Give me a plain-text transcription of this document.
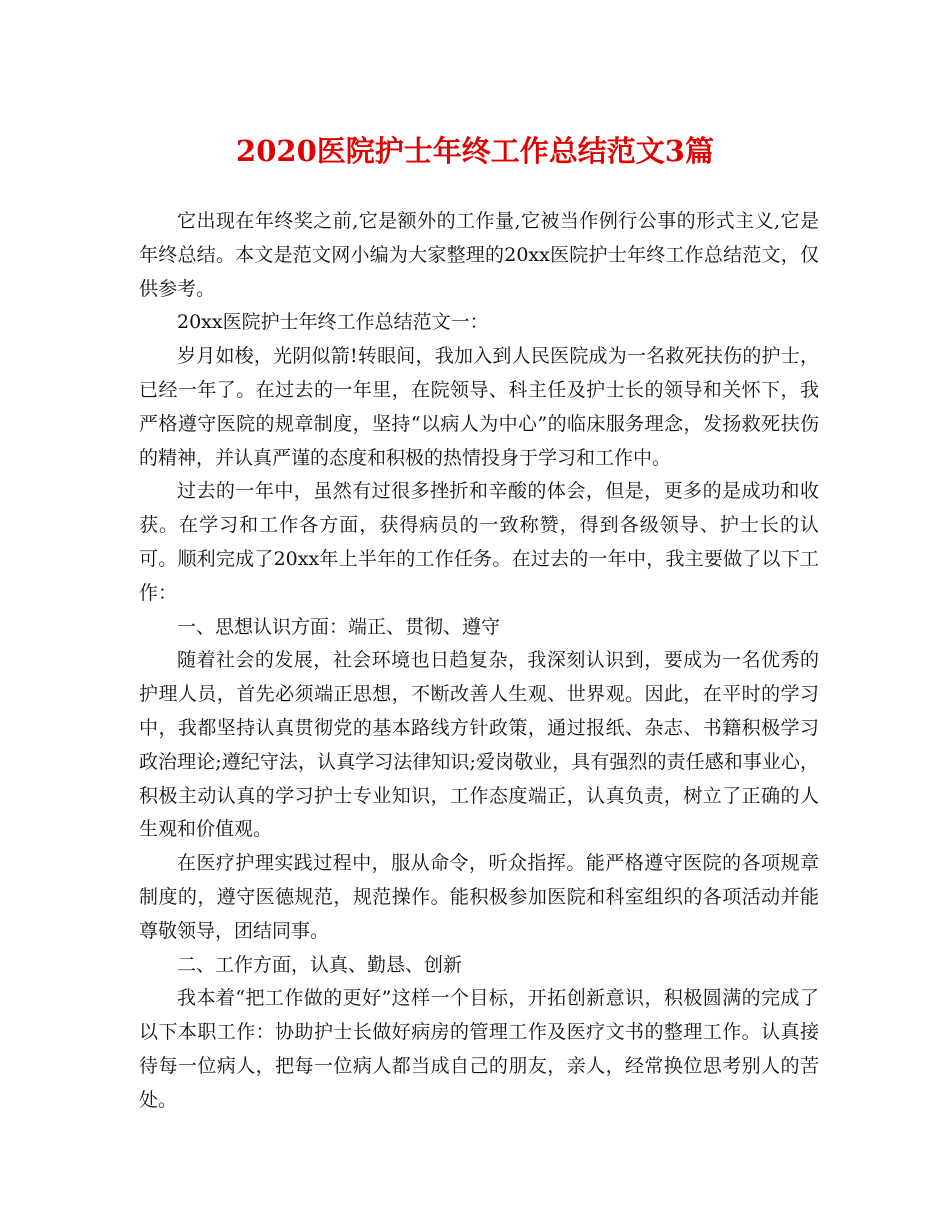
2020医院护士年终工作总结范文3篇

它出现在年终奖之前,它是额外的工作量,它被当作例行公事的形式主义,它是年终总结。本文是范文网小编为大家整理的20xx医院护士年终工作总结范文，仅供参考。

20xx医院护士年终工作总结范文一：

岁月如梭，光阴似箭!转眼间，我加入到人民医院成为一名救死扶伤的护士，已经一年了。在过去的一年里，在院领导、科主任及护士长的领导和关怀下，我严格遵守医院的规章制度，坚持“以病人为中心”的临床服务理念，发扬救死扶伤的精神，并认真严谨的态度和积极的热情投身于学习和工作中。

过去的一年中，虽然有过很多挫折和辛酸的体会，但是，更多的是成功和收获。在学习和工作各方面，获得病员的一致称赞，得到各级领导、护士长的认可。顺利完成了20xx年上半年的工作任务。在过去的一年中，我主要做了以下工作：

一、思想认识方面：端正、贯彻、遵守

随着社会的发展，社会环境也日趋复杂，我深刻认识到，要成为一名优秀的护理人员，首先必须端正思想，不断改善人生观、世界观。因此，在平时的学习中，我都坚持认真贯彻党的基本路线方针政策，通过报纸、杂志、书籍积极学习政治理论;遵纪守法，认真学习法律知识;爱岗敬业，具有强烈的责任感和事业心，积极主动认真的学习护士专业知识，工作态度端正，认真负责，树立了正确的人生观和价值观。

在医疗护理实践过程中，服从命令，听众指挥。能严格遵守医院的各项规章制度的，遵守医德规范，规范操作。能积极参加医院和科室组织的各项活动并能尊敬领导，团结同事。

二、工作方面，认真、勤恳、创新

我本着“把工作做的更好”这样一个目标，开拓创新意识，积极圆满的完成了以下本职工作：协助护士长做好病房的管理工作及医疗文书的整理工作。认真接待每一位病人，把每一位病人都当成自己的朋友，亲人，经常换位思考别人的苦处。
